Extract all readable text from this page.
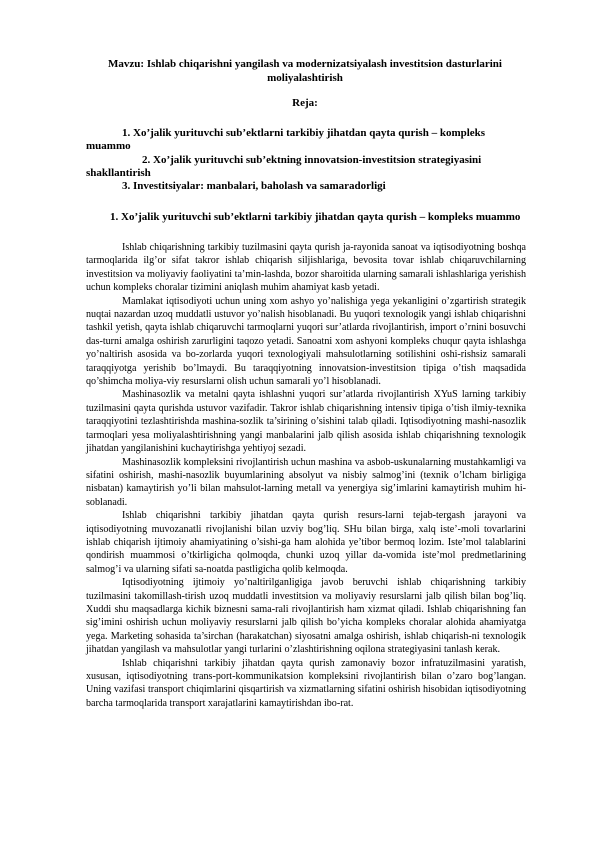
Mavzu: Ishlab chiqarishni yangilash va modernizatsiyalash investitsion dasturlarini moliyalashtirish
Reja:

1. Xo’jalik yurituvchi sub’ektlarni tarkibiy jihatdan qayta qurish – kompleks muammo

2. Xo’jalik yurituvchi sub’ektning innovatsion-investitsion strategiyasini shakllantirish

3. Investitsiyalar: manbalari, baholash va samaradorligi

1. Xo’jalik yurituvchi sub’ektlarni tarkibiy jihatdan qayta qurish – kompleks muammo

Ishlab chiqarishning tarkibiy tuzilmasini qayta qurish ja-rayonida sanoat va iqtisodiyotning boshqa tarmoqlarida ilg’or sifat takror ishlab chiqarish siljishlariga, bevosita tovar ishlab chiqaruvchilarning investitsion va moliyaviy faoliyatini ta’min-lashda, bozor sharoitida ularning samarali ishlashlariga yerishish uchun kompleks choralar tizimini aniqlash muhim ahamiyat kasb yetadi.

Mamlakat iqtisodiyoti uchun uning xom ashyo yo’nalishiga yega yekanligini o’zgartirish strategik nuqtai nazardan uzoq muddatli ustuvor yo’nalish hisoblanadi. Bu yuqori texnologik yangi ishlab chiqarishni tashkil yetish, qayta ishlab chiqaruvchi tarmoqlarni yuqori sur’atlarda rivojlantirish, import o’rnini bosuvchi das-turni amalga oshirish zarurligini taqozo yetadi. Sanoatni xom ashyoni kompleks chuqur qayta ishlashga yo’naltirish asosida va bo-zorlarda yuqori texnologiyali mahsulotlarning sotilishini oshi-rishsiz samarali taraqqiyotga yerishib bo’lmaydi. Bu taraqqiyotning innovatsion-investitsion tipiga o’tish maqsadida qo’shimcha moliya-viy resurslarni olish uchun samarali yo’l hisoblanadi.

Mashinasozlik va metalni qayta ishlashni yuqori sur’atlarda rivojlantirish XYuS larning tarkibiy tuzilmasini qayta qurishda ustuvor vazifadir. Takror ishlab chiqarishning intensiv tipiga o’tish ilmiy-texnika taraqqiyotini tezlashtirishda mashina-sozlik ta’sirining o’sishini talab qiladi. Iqtisodiyotning mashi-nasozlik tarmoqlari yesa moliyalashtirishning yangi manbalarini jalb qilish asosida ishlab chiqarishning texnologik jihatdan yangilanishini kuchaytirishga yehtiyoj sezadi.

Mashinasozlik kompleksini rivojlantirish uchun mashina va asbob-uskunalarning mustahkamligi va sifatini oshirish, mashi-nasozlik buyumlarining absolyut va nisbiy salmog’ini (texnik o’lcham birligiga nisbatan) kamaytirish yo’li bilan mahsulot-larning metall va yenergiya sig’imlarini kamaytirish muhim hi-soblanadi.

Ishlab chiqarishni tarkibiy jihatdan qayta qurish resurs-larni tejab-tergash jarayoni va iqtisodiyotning muvozanatli rivojlanishi bilan uzviy bog’liq. SHu bilan birga, xalq iste’-moli tovarlarini ishlab chiqarish ijtimoiy ahamiyatining o’sishi-ga ham alohida ye’tibor bermoq lozim. Iste’mol talablarini qondirish muammosi o’tkirligicha qolmoqda, chunki uzoq yillar da-vomida iste’mol predmetlarining salmog’i va ularning sifati sa-noatda pastligicha qolib kelmoqda.

Iqtisodiyotning ijtimoiy yo’naltirilganligiga javob beruvchi ishlab chiqarishning tarkibiy tuzilmasini takomillash-tirish uzoq muddatli investitsion va moliyaviy resurslarni jalb qilish bilan bog’liq. Xuddi shu maqsadlarga kichik biznesni sama-rali rivojlantirish ham xizmat qiladi. Ishlab chiqarishning fan sig’imini oshirish uchun moliyaviy resurslarni jalb qilish bo’yicha kompleks choralar alohida ahamiyatga yega. Marketing sohasida ta’sirchan (harakatchan) siyosatni amalga oshirish, ishlab chiqarish-ni texnologik jihatdan yangilash va mahsulotlar yangi turlarini o’zlashtirishning oqilona strategiyasini tanlash kerak.

Ishlab chiqarishni tarkibiy jihatdan qayta qurish zamonaviy bozor infratuzilmasini yaratish, xususan, iqtisodiyotning trans-port-kommunikatsion kompleksini rivojlantirish bilan o’zaro bog’langan. Uning vazifasi transport chiqimlarini qisqartirish va xizmatlarning sifatini oshirish hisobidan iqtisodiyotning barcha tarmoqlarida transport xarajatlarini kamaytirishdan ibo-rat.
